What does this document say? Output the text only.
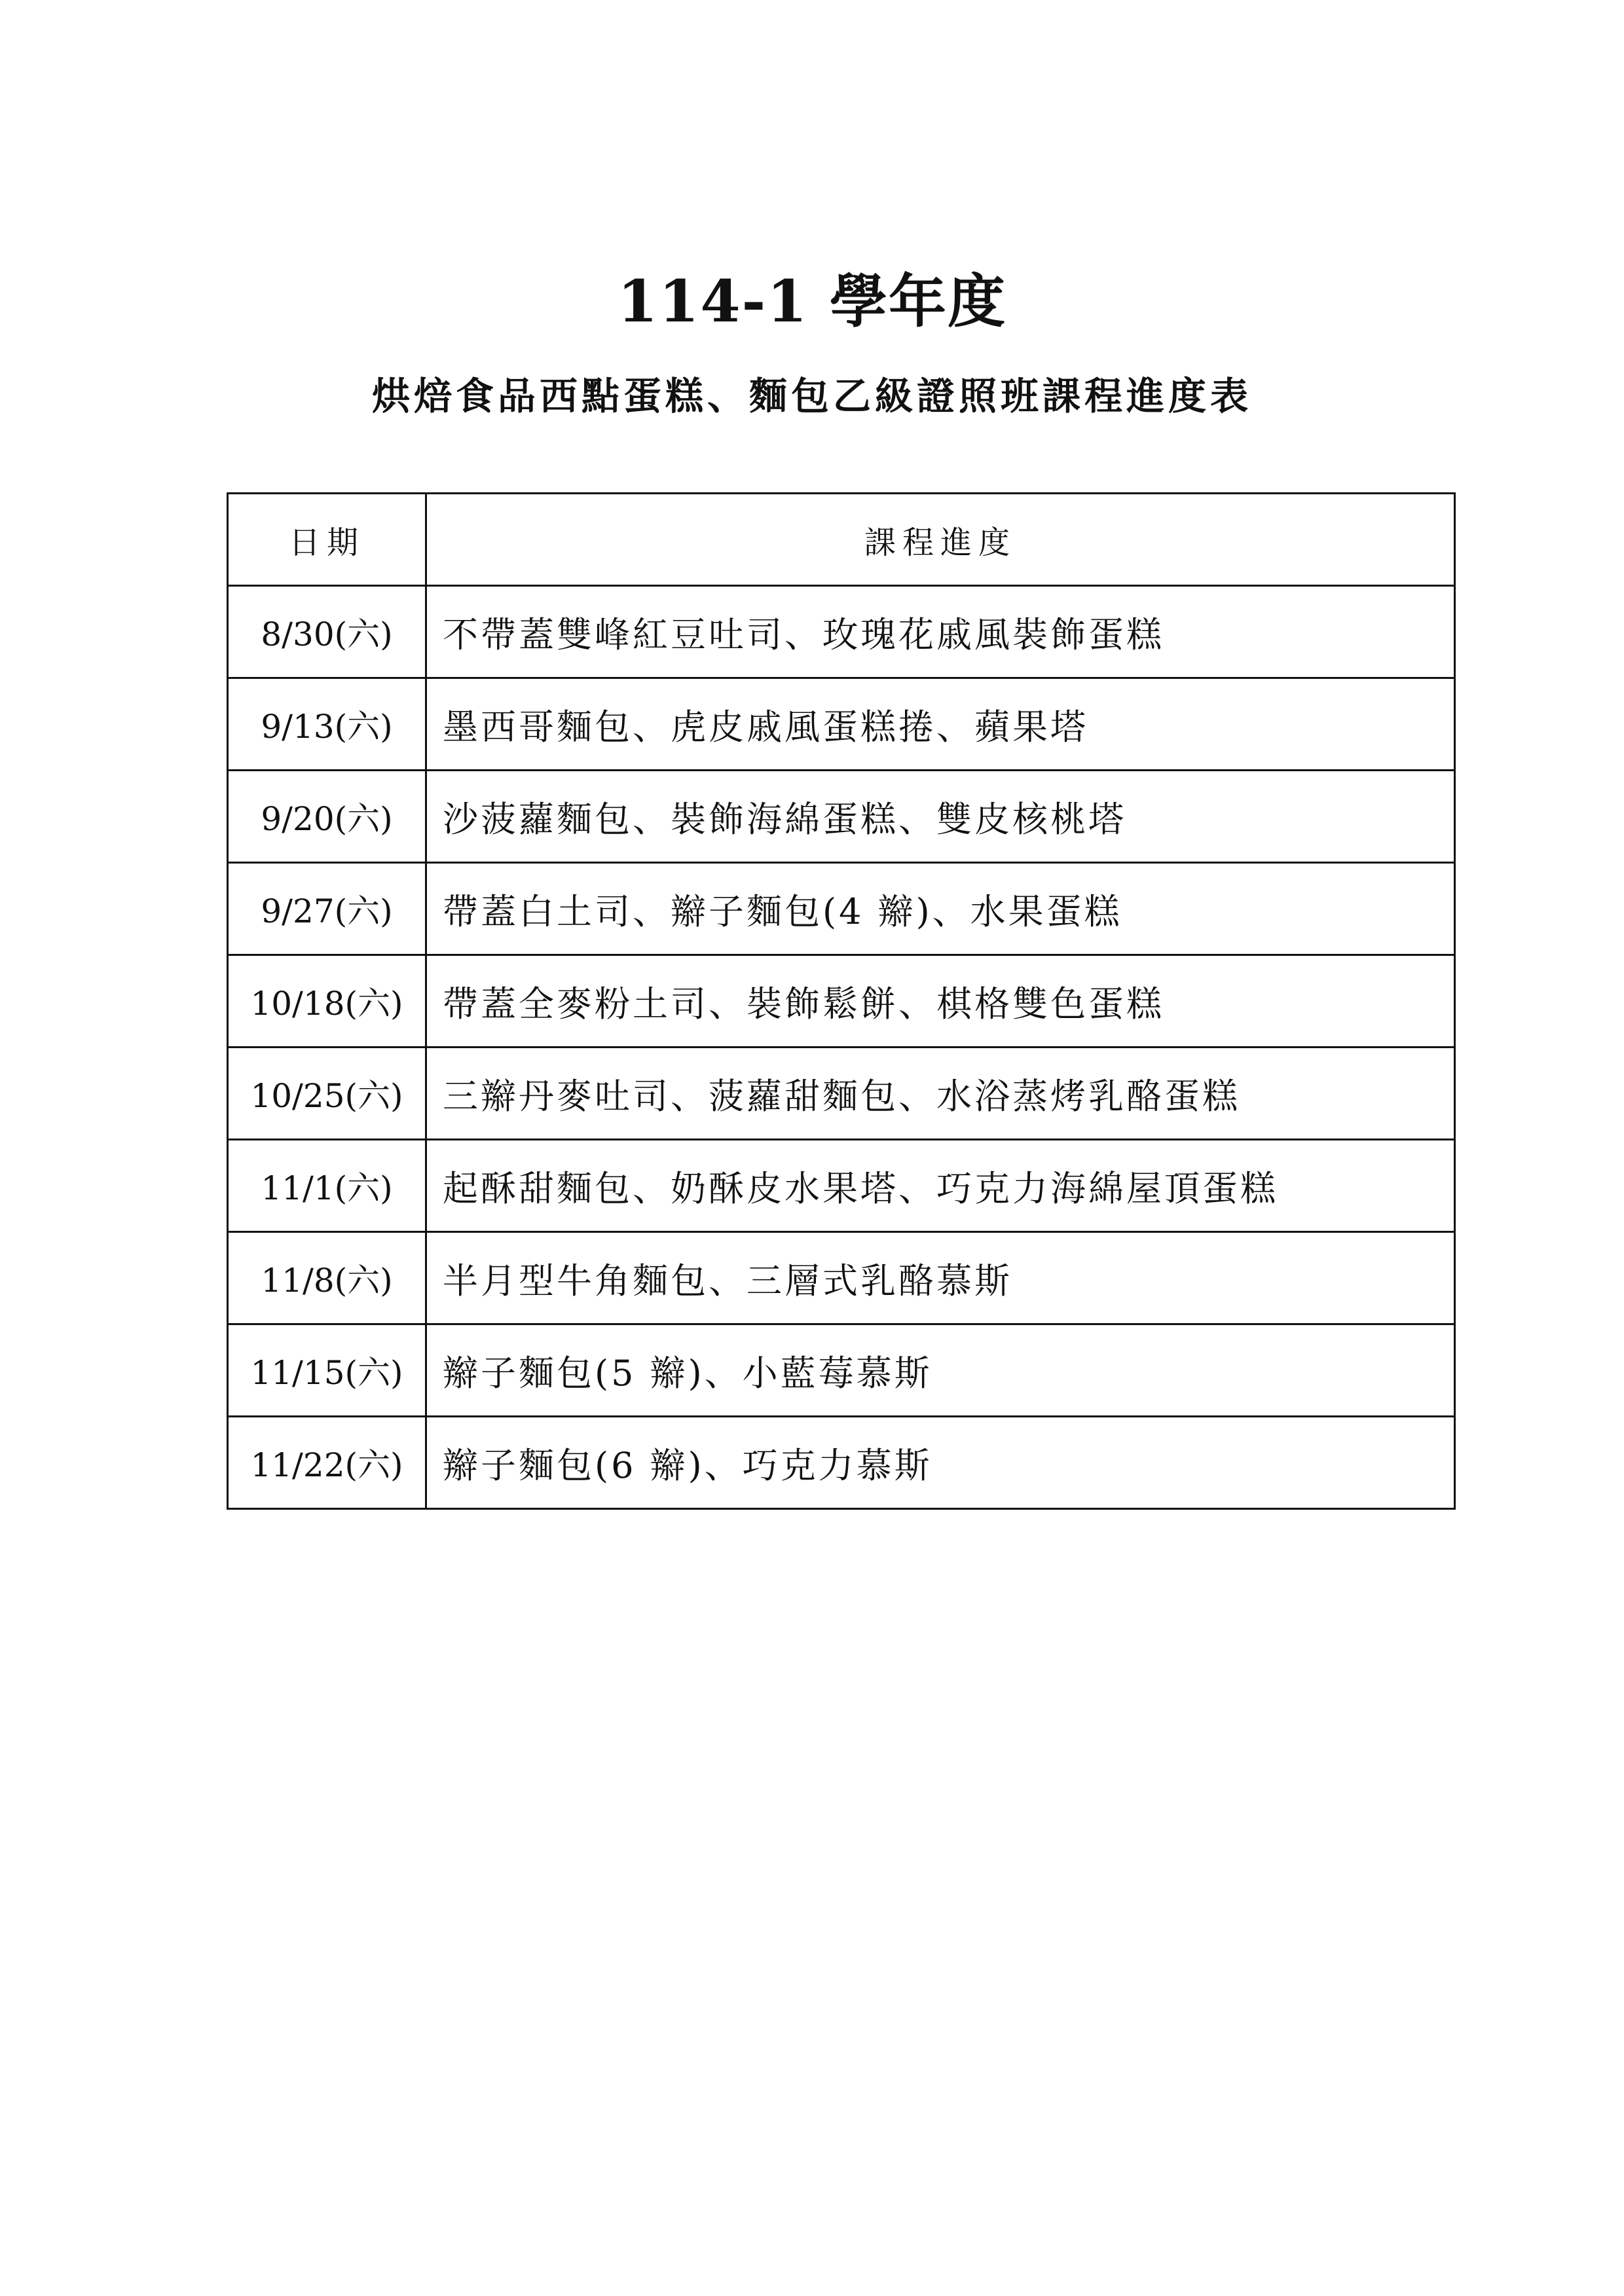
114-1 學年度
烘焙食品西點蛋糕、麵包乙級證照班課程進度表
日期	課程進度
8/30(六)	不帶蓋雙峰紅豆吐司、玫瑰花戚風裝飾蛋糕
9/13(六)	墨西哥麵包、虎皮戚風蛋糕捲、蘋果塔
9/20(六)	沙菠蘿麵包、裝飾海綿蛋糕、雙皮核桃塔
9/27(六)	帶蓋白土司、辮子麵包(4 辮)、水果蛋糕
10/18(六)	帶蓋全麥粉土司、裝飾鬆餅、棋格雙色蛋糕
10/25(六)	三辮丹麥吐司、菠蘿甜麵包、水浴蒸烤乳酪蛋糕
11/1(六)	起酥甜麵包、奶酥皮水果塔、巧克力海綿屋頂蛋糕
11/8(六)	半月型牛角麵包、三層式乳酪慕斯
11/15(六)	辮子麵包(5 辮)、小藍莓慕斯
11/22(六)	辮子麵包(6 辮)、巧克力慕斯
